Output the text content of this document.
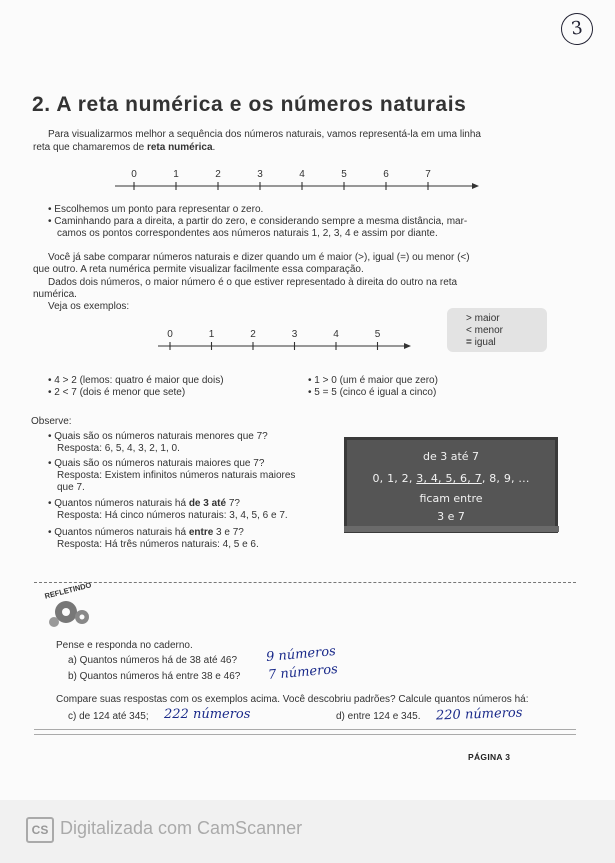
3
2. A reta numérica e os números naturais
Para visualizarmos melhor a sequência dos números naturais, vamos representá-la em uma linha
reta que chamaremos de reta numérica.
0	1	2	3	4	5	6	7
• Escolhemos um ponto para representar o zero.
• Caminhando para a direita, a partir do zero, e considerando sempre a mesma distância, mar-
camos os pontos correspondentes aos números naturais 1, 2, 3, 4 e assim por diante.
Você já sabe comparar números naturais e dizer quando um é maior (>), igual (=) ou menor (<)
que outro. A reta numérica permite visualizar facilmente essa comparação.
Dados dois números, o maior número é o que estiver representado à direita do outro na reta
numérica.
Veja os exemplos:
0	1	2	3	4	5
> maior
< menor
= igual
• 4 > 2 (lemos: quatro é maior que dois)
• 2 < 7 (dois é menor que sete)
• 1 > 0 (um é maior que zero)
• 5 = 5 (cinco é igual a cinco)
Observe:
• Quais são os números naturais menores que 7?
Resposta: 6, 5, 4, 3, 2, 1, 0.
• Quais são os números naturais maiores que 7?
Resposta: Existem infinitos números naturais maiores
que 7.
• Quantos números naturais há de 3 até 7?
Resposta: Há cinco números naturais: 3, 4, 5, 6 e 7.
• Quantos números naturais há entre 3 e 7?
Resposta: Há três números naturais: 4, 5 e 6.
de 3 até 7
0, 1, 2, 3, 4, 5, 6, 7, 8, 9, ...
ficam entre
3 e 7
REFLETINDO
Pense e responda no caderno.
a) Quantos números há de 38 até 46?
b) Quantos números há entre 38 e 46?
Compare suas respostas com os exemplos acima. Você descobriu padrões? Calcule quantos números há:
c) de 124 até 345;	d) entre 124 e 345.
9 números
7 números
222 números	220 números
PÁGINA 3
CS Digitalizada com CamScanner
